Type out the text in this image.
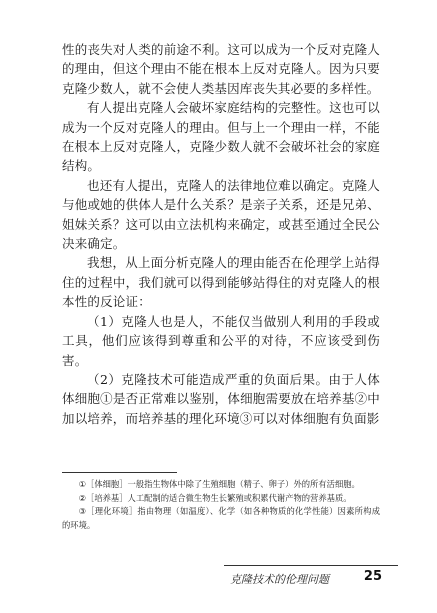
性的丧失对人类的前途不利。这可以成为一个反对克隆人的理由，但这个理由不能在根本上反对克隆人。因为只要克隆少数人，就不会使人类基因库丧失其必要的多样性。

有人提出克隆人会破坏家庭结构的完整性。这也可以成为一个反对克隆人的理由。但与上一个理由一样，不能在根本上反对克隆人，克隆少数人就不会破坏社会的家庭结构。

也还有人提出，克隆人的法律地位难以确定。克隆人与他或她的供体人是什么关系？是亲子关系，还是兄弟、姐妹关系？这可以由立法机构来确定，或甚至通过全民公决来确定。

我想，从上面分析克隆人的理由能否在伦理学上站得住的过程中，我们就可以得到能够站得住的对克隆人的根本性的反论证：

（1）克隆人也是人，不能仅当做别人利用的手段或工具，他们应该得到尊重和公平的对待，不应该受到伤害。

（2）克隆技术可能造成严重的负面后果。由于人体体细胞①是否正常难以鉴别，体细胞需要放在培养基②中加以培养，而培养基的理化环境③可以对体细胞有负面影

①［体细胞］一般指生物体中除了生殖细胞（精子、卵子）外的所有活细胞。

②［培养基］人工配制的适合微生物生长繁殖或积累代谢产物的营养基质。

③［理化环境］指由物理（如温度）、化学（如各种物质的化学性能）因素所构成的环境。

克隆技术的伦理问题	25
